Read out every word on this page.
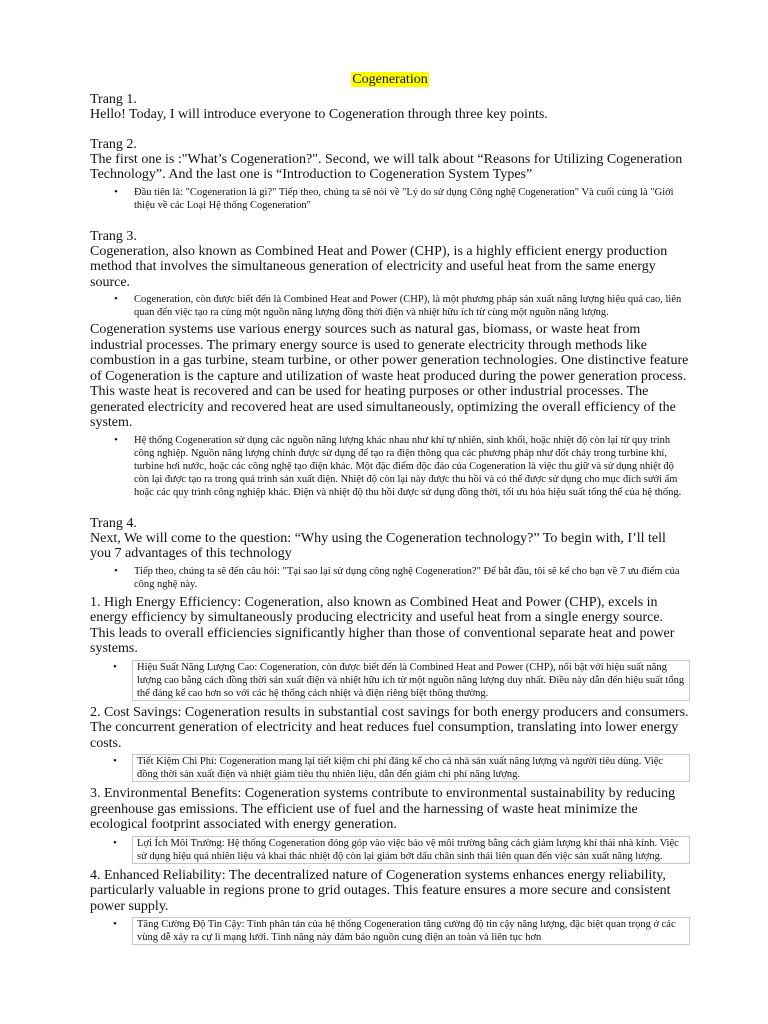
Cogeneration
Trang 1.
Hello! Today, I will introduce everyone to Cogeneration through three key points.
Trang 2.
The first one is :"What’s Cogeneration?". Second, we will talk about “Reasons for Utilizing Cogeneration Technology”. And the last one is “Introduction to Cogeneration System Types”
• Đầu tiên là: "Cogeneration là gì?" Tiếp theo, chúng ta sẽ nói về "Lý do sử dụng Công nghệ Cogeneration" Và cuối cùng là "Giới thiệu về các Loại Hệ thống Cogeneration"
Trang 3.
Cogeneration, also known as Combined Heat and Power (CHP), is a highly efficient energy production method that involves the simultaneous generation of electricity and useful heat from the same energy source.
• Cogeneration, còn được biết đến là Combined Heat and Power (CHP), là một phương pháp sản xuất năng lượng hiệu quả cao, liên quan đến việc tạo ra cùng một nguồn năng lượng đồng thời điện và nhiệt hữu ích từ cùng một nguồn năng lượng.
Cogeneration systems use various energy sources such as natural gas, biomass, or waste heat from industrial processes. The primary energy source is used to generate electricity through methods like combustion in a gas turbine, steam turbine, or other power generation technologies. One distinctive feature of Cogeneration is the capture and utilization of waste heat produced during the power generation process. This waste heat is recovered and can be used for heating purposes or other industrial processes. The generated electricity and recovered heat are used simultaneously, optimizing the overall efficiency of the system.
• Hệ thống Cogeneration sử dụng các nguồn năng lượng khác nhau như khí tự nhiên, sinh khối, hoặc nhiệt độ còn lại từ quy trình công nghiệp. Nguồn năng lượng chính được sử dụng để tạo ra điện thông qua các phương pháp như đốt cháy trong turbine khí, turbine hơi nước, hoặc các công nghệ tạo điện khác. Một đặc điểm độc đáo của Cogeneration là việc thu giữ và sử dụng nhiệt độ còn lại được tạo ra trong quá trình sản xuất điện. Nhiệt độ còn lại này được thu hồi và có thể được sử dụng cho mục đích sưởi ấm hoặc các quy trình công nghiệp khác. Điện và nhiệt độ thu hồi được sử dụng đồng thời, tối ưu hóa hiệu suất tổng thể của hệ thống.
Trang 4.
Next, We will come to the question: “Why using the Cogeneration technology?” To begin with, I’ll tell you 7 advantages of this technology
• Tiếp theo, chúng ta sẽ đến câu hỏi: "Tại sao lại sử dụng công nghệ Cogeneration?" Để bắt đầu, tôi sẽ kể cho bạn về 7 ưu điểm của công nghệ này.
1. High Energy Efficiency: Cogeneration, also known as Combined Heat and Power (CHP), excels in energy efficiency by simultaneously producing electricity and useful heat from a single energy source. This leads to overall efficiencies significantly higher than those of conventional separate heat and power systems.
• Hiệu Suất Năng Lượng Cao: Cogeneration, còn được biết đến là Combined Heat and Power (CHP), nổi bật với hiệu suất năng lượng cao bằng cách đồng thời sản xuất điện và nhiệt hữu ích từ một nguồn năng lượng duy nhất. Điều này dẫn đến hiệu suất tổng thể đáng kể cao hơn so với các hệ thống cách nhiệt và điện riêng biệt thông thường.
2. Cost Savings: Cogeneration results in substantial cost savings for both energy producers and consumers. The concurrent generation of electricity and heat reduces fuel consumption, translating into lower energy costs.
• Tiết Kiệm Chi Phí: Cogeneration mang lại tiết kiệm chi phí đáng kể cho cả nhà sản xuất năng lượng và người tiêu dùng. Việc đồng thời sản xuất điện và nhiệt giảm tiêu thụ nhiên liệu, dẫn đến giảm chi phí năng lượng.
3. Environmental Benefits: Cogeneration systems contribute to environmental sustainability by reducing greenhouse gas emissions. The efficient use of fuel and the harnessing of waste heat minimize the ecological footprint associated with energy generation.
• Lợi Ích Môi Trường: Hệ thống Cogeneration đóng góp vào việc bảo vệ môi trường bằng cách giảm lượng khí thải nhà kính. Việc sử dụng hiệu quả nhiên liệu và khai thác nhiệt độ còn lại giảm bớt dấu chân sinh thái liên quan đến việc sản xuất năng lượng.
4. Enhanced Reliability: The decentralized nature of Cogeneration systems enhances energy reliability, particularly valuable in regions prone to grid outages. This feature ensures a more secure and consistent power supply.
• Tăng Cường Độ Tin Cậy: Tính phân tán của hệ thống Cogeneration tăng cường độ tin cậy năng lượng, đặc biệt quan trọng ở các vùng dễ xảy ra cự lì mạng lưới. Tính năng này đảm bảo nguồn cung điện an toàn và liên tục hơn
